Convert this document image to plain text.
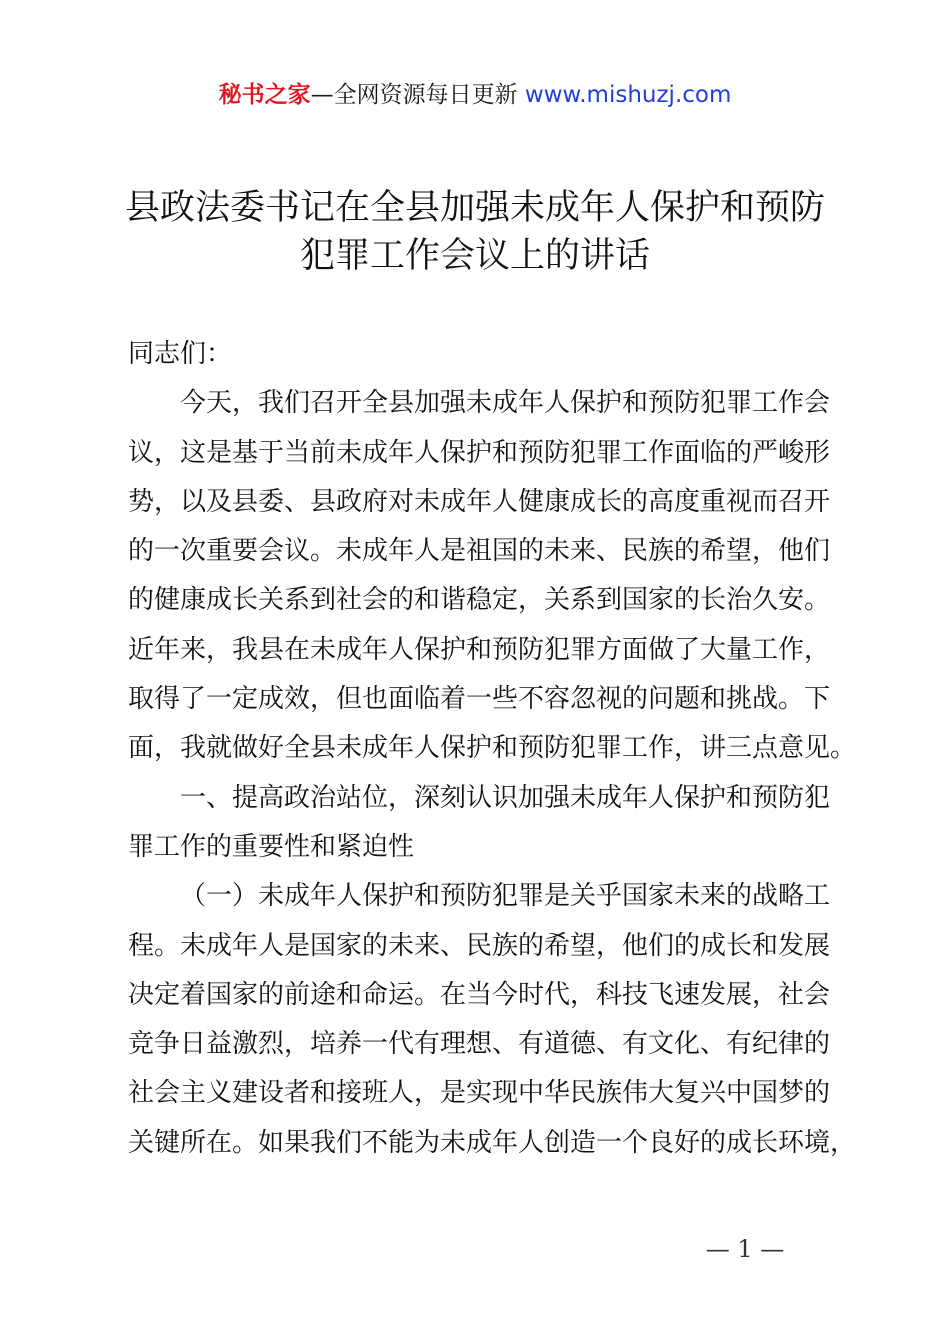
秘书之家—全网资源每日更新 www.mishuzj.com
县政法委书记在全县加强未成年人保护和预防
犯罪工作会议上的讲话
同志们：
今天，我们召开全县加强未成年人保护和预防犯罪工作会
议，这是基于当前未成年人保护和预防犯罪工作面临的严峻形
势，以及县委、县政府对未成年人健康成长的高度重视而召开
的一次重要会议。未成年人是祖国的未来、民族的希望，他们
的健康成长关系到社会的和谐稳定，关系到国家的长治久安。
近年来，我县在未成年人保护和预防犯罪方面做了大量工作，
取得了一定成效，但也面临着一些不容忽视的问题和挑战。下
面，我就做好全县未成年人保护和预防犯罪工作，讲三点意见。
一、提高政治站位，深刻认识加强未成年人保护和预防犯
罪工作的重要性和紧迫性
（一）未成年人保护和预防犯罪是关乎国家未来的战略工
程。未成年人是国家的未来、民族的希望，他们的成长和发展
决定着国家的前途和命运。在当今时代，科技飞速发展，社会
竞争日益激烈，培养一代有理想、有道德、有文化、有纪律的
社会主义建设者和接班人，是实现中华民族伟大复兴中国梦的
关键所在。如果我们不能为未成年人创造一个良好的成长环境，
— 1 —
